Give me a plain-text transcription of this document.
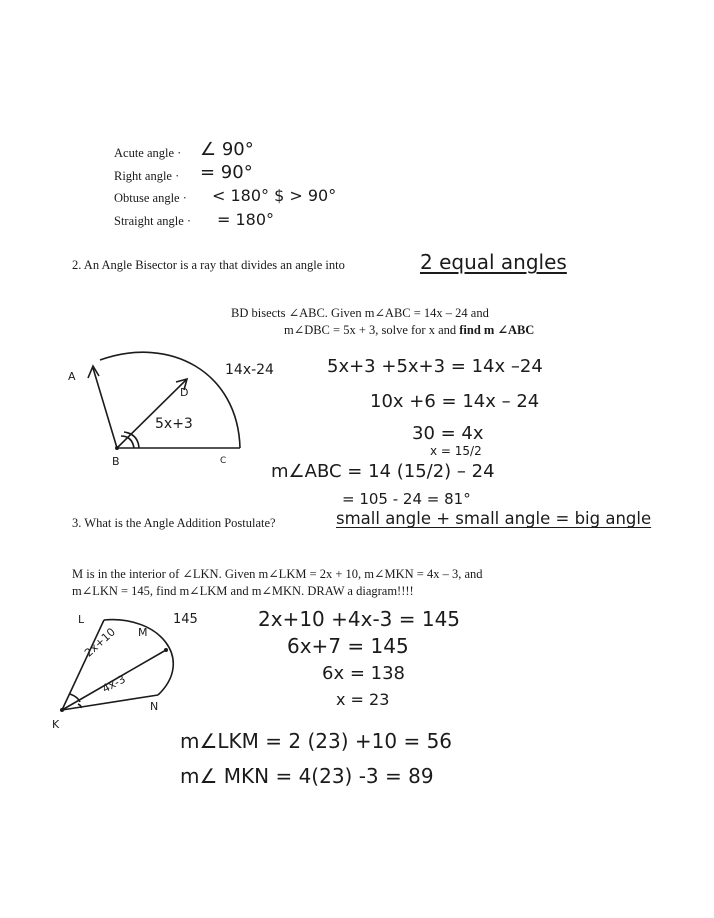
Acute angle · ∠ 90°
Right angle · = 90°
Obtuse angle · < 180° $ > 90°
Straight angle · = 180°
2. An Angle Bisector is a ray that divides an angle into	2 equal angles
BD bisects ∠ABC. Given m∠ABC = 14x – 24 and
m∠DBC = 5x + 3, solve for x and find m ∠ABC
A
B	C
D
14x-24
5x+3
5x+3 +5x+3 = 14x –24
10x +6 = 14x – 24
30 = 4x
x = 15/2
m∠ABC = 14 (15/2) – 24
= 105 - 24 = 81°
3. What is the Angle Addition Postulate?	small angle + small angle = big angle
M is in the interior of ∠LKN. Given m∠LKM = 2x + 10, m∠MKN = 4x – 3, and
m∠LKN = 145, find m∠LKM and m∠MKN. DRAW a diagram!!!!
L
M
K
N
145
2x+10
4x-3
2x+10 +4x-3 = 145
6x+7 = 145
6x = 138
x = 23
m∠LKM = 2 (23) +10 = 56
m∠ MKN = 4(23) -3 = 89
